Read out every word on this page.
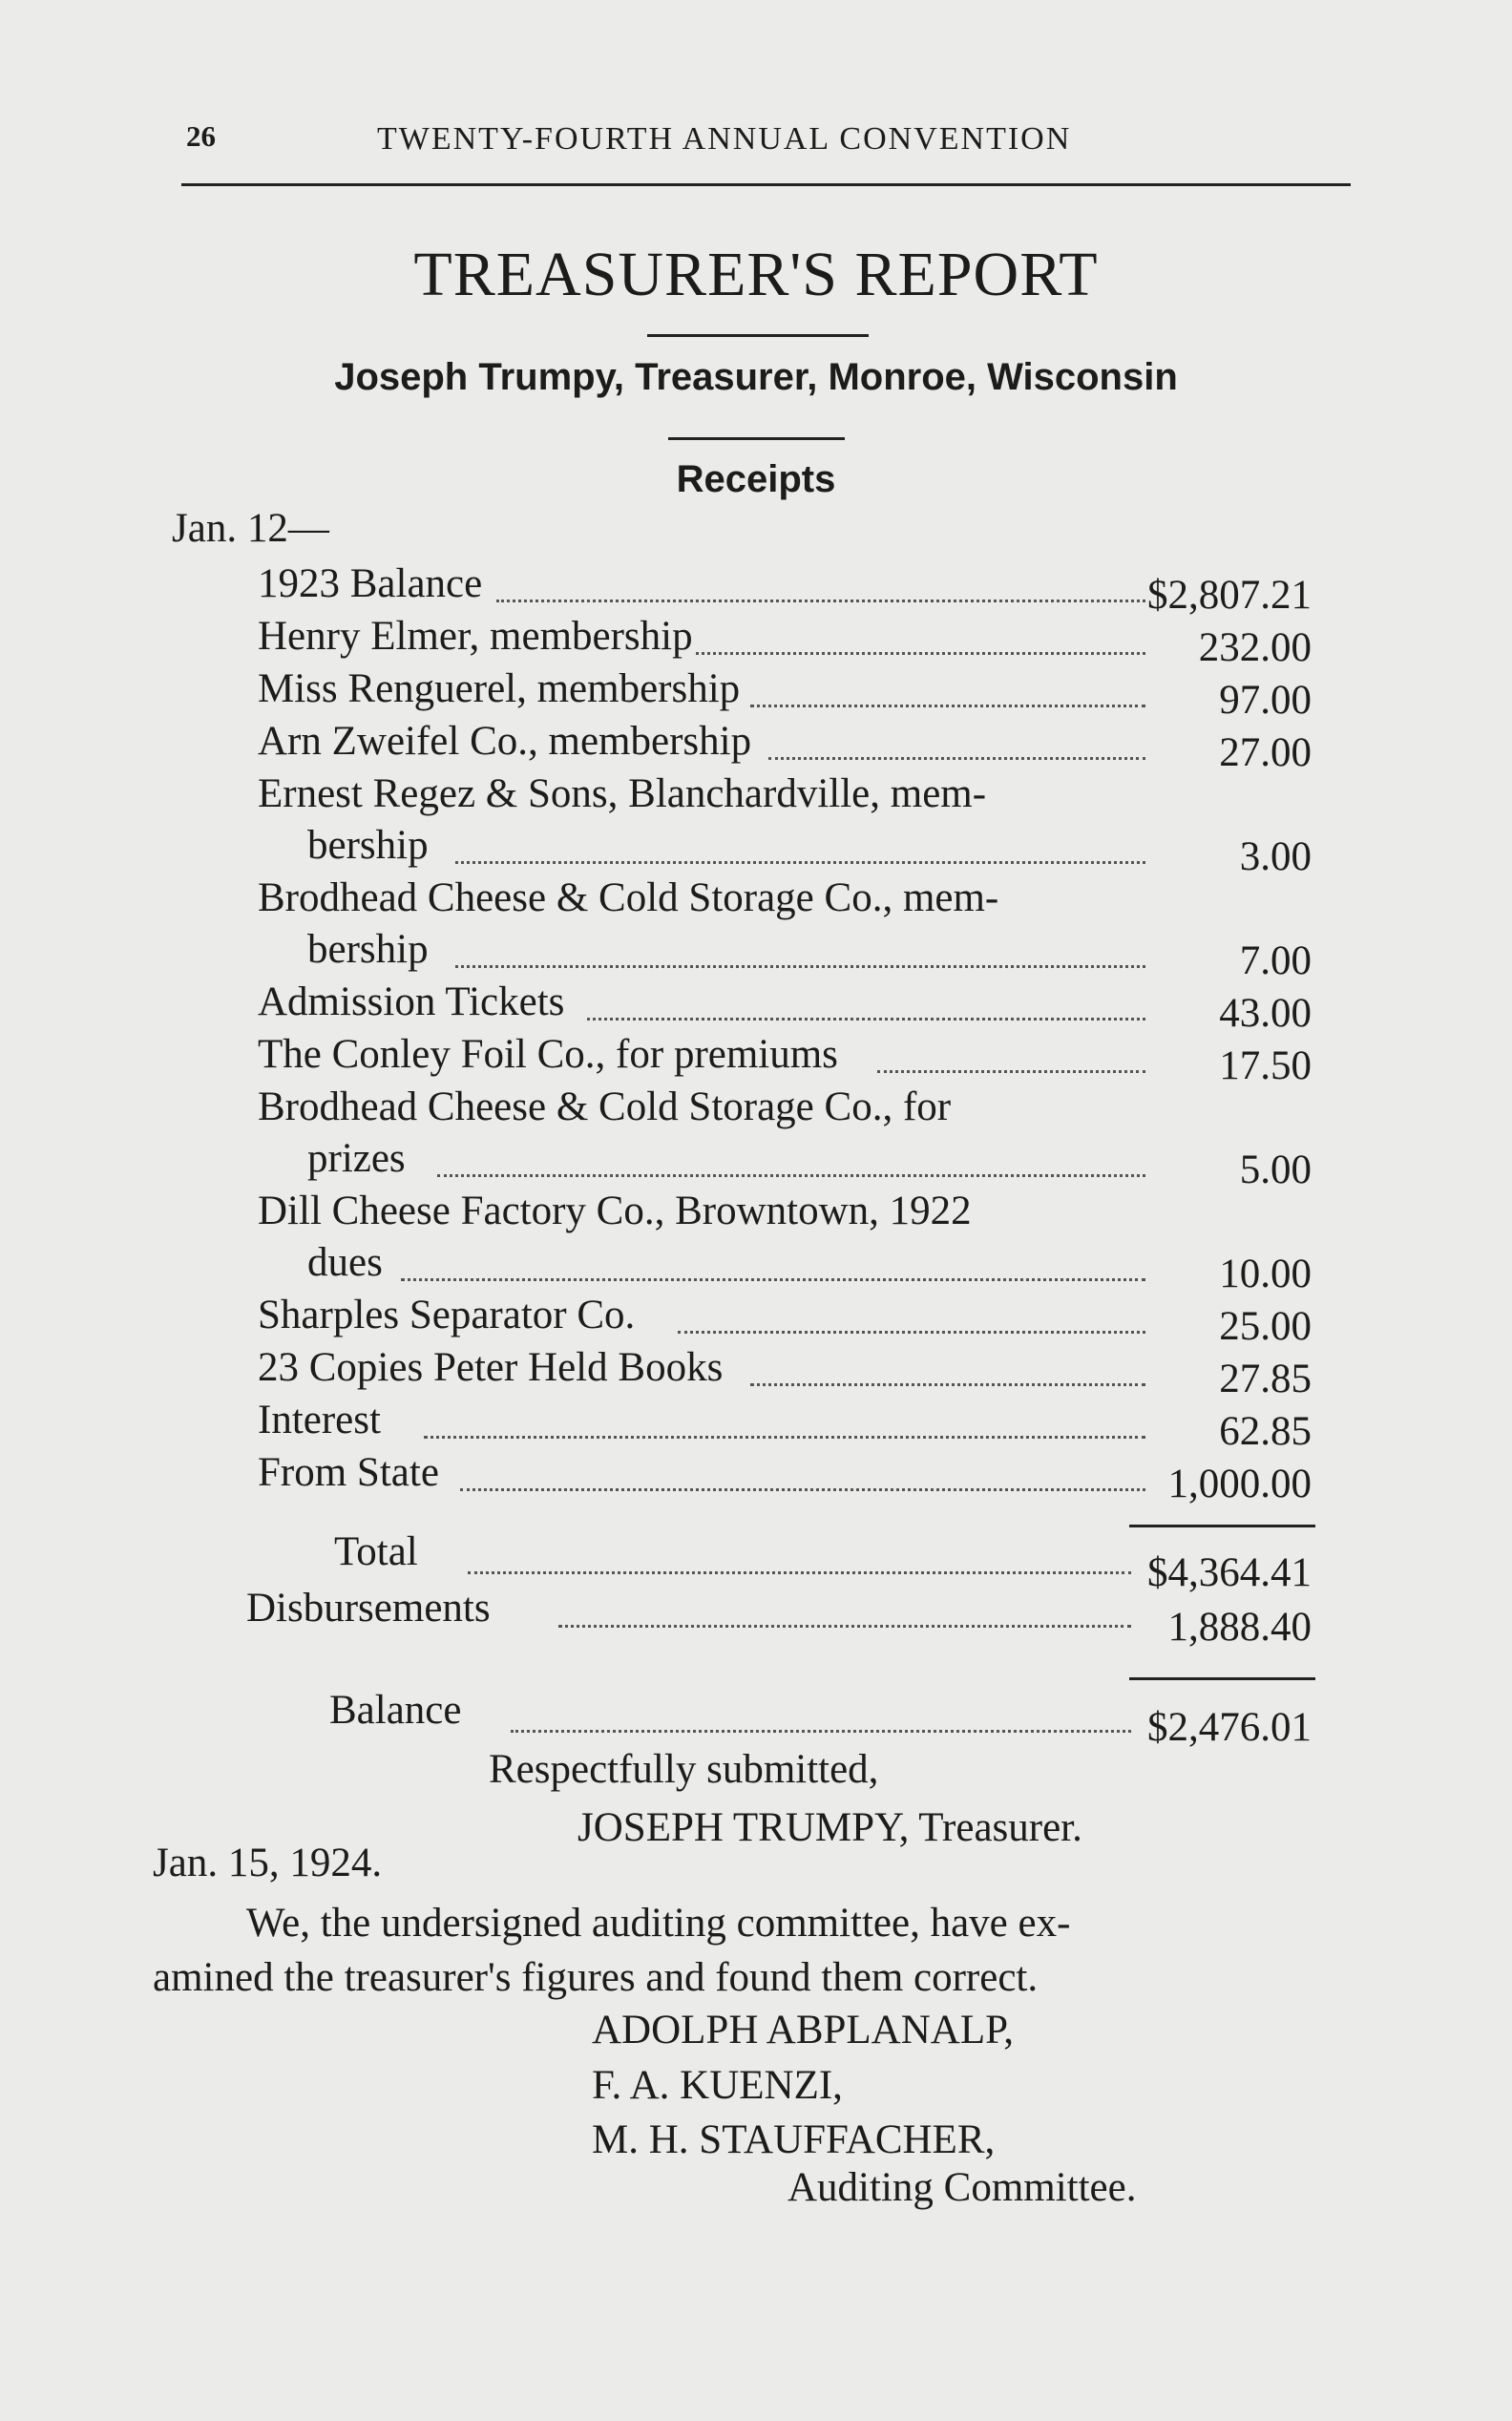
26	TWENTY-FOURTH ANNUAL CONVENTION
TREASURER'S REPORT
Joseph Trumpy, Treasurer, Monroe, Wisconsin
Receipts
Jan. 12—
1923 Balance	$2,807.21
Henry Elmer, membership	232.00
Miss Renguerel, membership	97.00
Arn Zweifel Co., membership	27.00
Ernest Regez & Sons, Blanchardville, mem-
bership	3.00
Brodhead Cheese & Cold Storage Co., mem-
bership	7.00
Admission Tickets	43.00
The Conley Foil Co., for premiums	17.50
Brodhead Cheese & Cold Storage Co., for
prizes	5.00
Dill Cheese Factory Co., Browntown, 1922
dues	10.00
Sharples Separator Co.	25.00
23 Copies Peter Held Books	27.85
Interest	62.85
From State	1,000.00
Total	$4,364.41
Disbursements	1,888.40
Balance	$2,476.01
Respectfully submitted,
JOSEPH TRUMPY, Treasurer.
Jan. 15, 1924.
We, the undersigned auditing committee, have ex-
amined the treasurer's figures and found them correct.
ADOLPH ABPLANALP,
F. A. KUENZI,
M. H. STAUFFACHER,
Auditing Committee.
